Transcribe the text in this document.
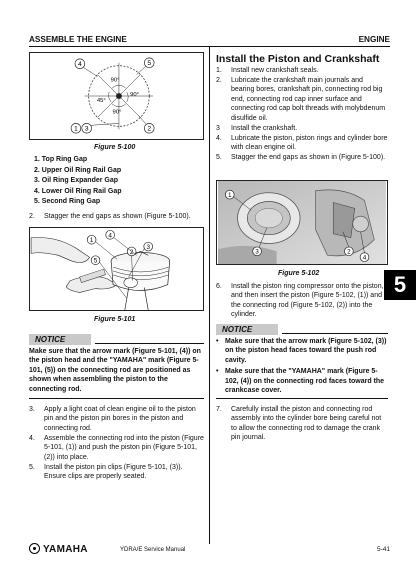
ASSEMBLE THE ENGINE	ENGINE
4	5
1 3	2
90°
45°
90°
90°
Figure 5-100
1. Top Ring Gap
2. Upper Oil Ring Rail Gap
3. Oil Ring Expander Gap
4. Lower Oil Ring Rail Gap
5. Second Ring Gap
2. Stagger the end gaps as shown (Figure 5-100).
1
4
3
2
5
Figure 5-101
NOTICE
Make sure that the arrow mark (Figure 5-101, (4)) on the piston head and the "YAMAHA" mark (Figure 5-101, (5)) on the connecting rod are positioned as shown when assembling the piston to the connecting rod.
3. Apply a light coat of clean engine oil to the piston pin and the piston pin bores in the piston and connecting rod.
4. Assemble the connecting rod into the piston (Figure 5-101, (1)) and push the piston pin (Figure 5-101, (2)) into place.
5. Install the piston pin clips (Figure 5-101, (3)). Ensure clips are properly seated.
Install the Piston and Crankshaft
1. Install new crankshaft seals.
2. Lubricate the crankshaft main journals and bearing bores, crankshaft pin, connecting rod big end, connecting rod cap inner surface and connecting rod cap bolt threads with molybdenum disulfide oil.
3 Install the crankshaft.
4. Lubricate the piston, piston rings and cylinder bore with clean engine oil.
5. Stagger the end gaps as shown in (Figure 5-100).
1
3	2
4
Figure 5-102
6. Install the piston ring compressor onto the piston, and then insert the piston (Figure 5-102, (1)) and the connecting rod (Figure 5-102, (2)) into the cylinder.
NOTICE
• Make sure that the arrow mark (Figure 5-102, (3)) on the piston head faces toward the push rod cavity.
• Make sure that the "YAMAHA" mark (Figure 5-102, (4)) on the connecting rod faces toward the crankcase cover.
7. Carefully install the piston and connecting rod assembly into the cylinder bore being careful not to allow the connecting rod to damage the crank pin journal.
5
YAMAHA	YDRA/E Service Manual	5-41
